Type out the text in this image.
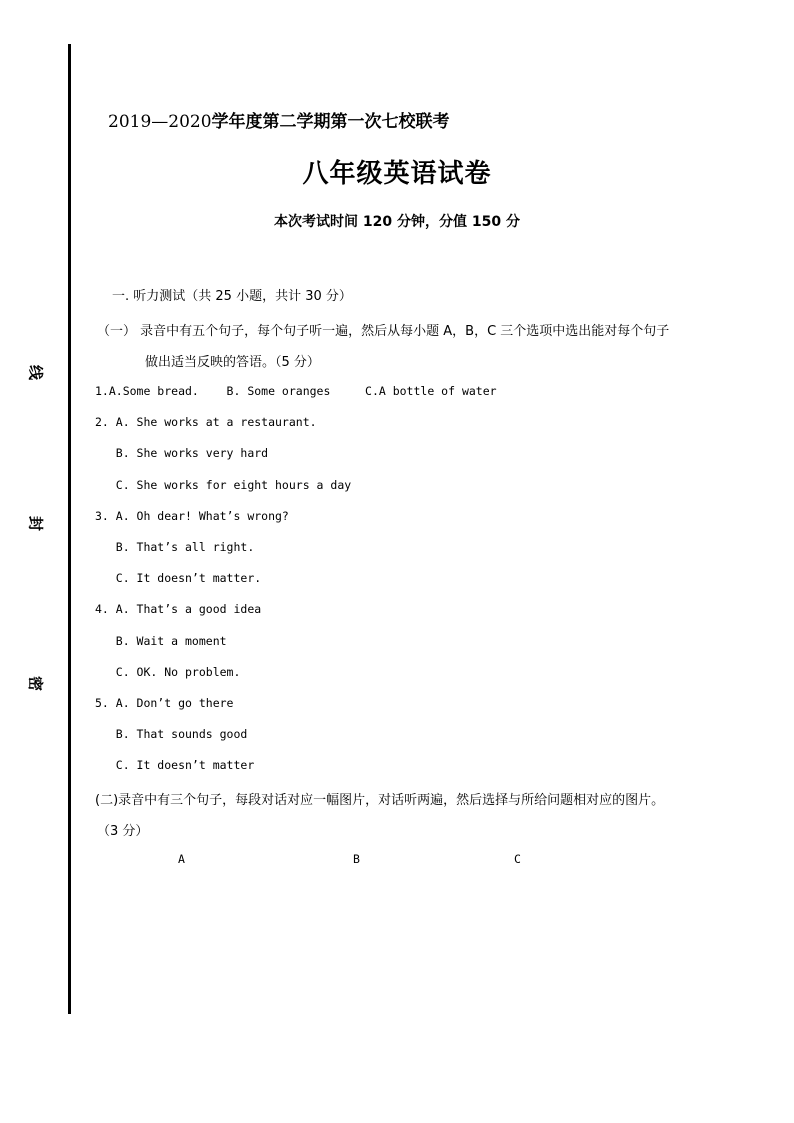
线
封
密
2019—2020学年度第二学期第一次七校联考
八年级英语试卷
本次考试时间 120 分钟，分值 150 分
一. 听力测试（共 25 小题，共计 30 分）
（一） 录音中有五个句子，每个句子听一遍，然后从每小题 A，B，C 三个选项中选出能对每个句子
做出适当反映的答语。（5 分）
1.A.Some bread.    B. Some oranges     C.A bottle of water
2. A. She works at a restaurant.
B. She works very hard
C. She works for eight hours a day
3. A. Oh dear! What’s wrong?
B. That’s all right.
C. It doesn’t matter.
4. A. That’s a good idea
B. Wait a moment
C. OK. No problem.
5. A. Don’t go there
B. That sounds good
C. It doesn’t matter
(二)录音中有三个句子，每段对话对应一幅图片，对话听两遍，然后选择与所给问题相对应的图片。
（3 分）
A	B	C
